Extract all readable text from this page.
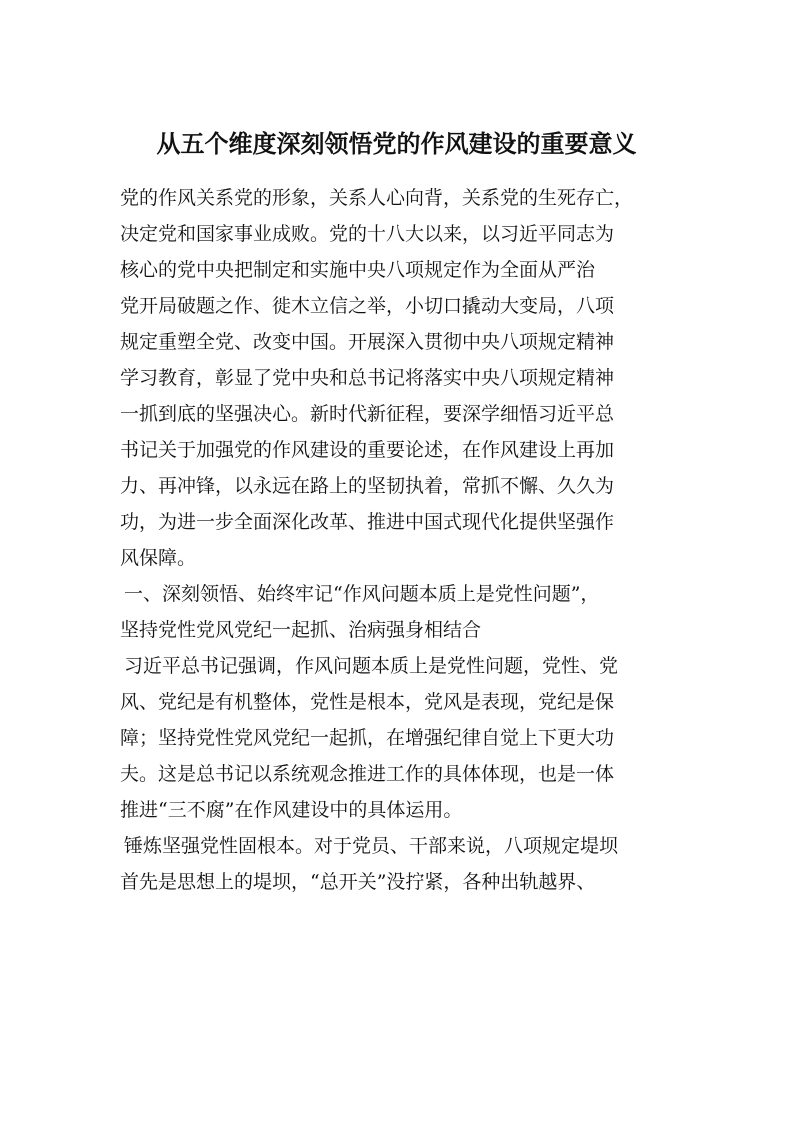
从五个维度深刻领悟党的作风建设的重要意义
党的作风关系党的形象，关系人心向背，关系党的生死存亡，
决定党和国家事业成败。党的十八大以来，以习近平同志为
核心的党中央把制定和实施中央八项规定作为全面从严治
党开局破题之作、徙木立信之举，小切口撬动大变局，八项
规定重塑全党、改变中国。开展深入贯彻中央八项规定精神
学习教育，彰显了党中央和总书记将落实中央八项规定精神
一抓到底的坚强决心。新时代新征程，要深学细悟习近平总
书记关于加强党的作风建设的重要论述，在作风建设上再加
力、再冲锋，以永远在路上的坚韧执着，常抓不懈、久久为
功，为进一步全面深化改革、推进中国式现代化提供坚强作
风保障。
一、深刻领悟、始终牢记“作风问题本质上是党性问题”，
坚持党性党风党纪一起抓、治病强身相结合
习近平总书记强调，作风问题本质上是党性问题，党性、党
风、党纪是有机整体，党性是根本，党风是表现，党纪是保
障；坚持党性党风党纪一起抓，在增强纪律自觉上下更大功
夫。这是总书记以系统观念推进工作的具体体现，也是一体
推进“三不腐”在作风建设中的具体运用。
锤炼坚强党性固根本。对于党员、干部来说，八项规定堤坝
首先是思想上的堤坝，“总开关”没拧紧，各种出轨越界、
